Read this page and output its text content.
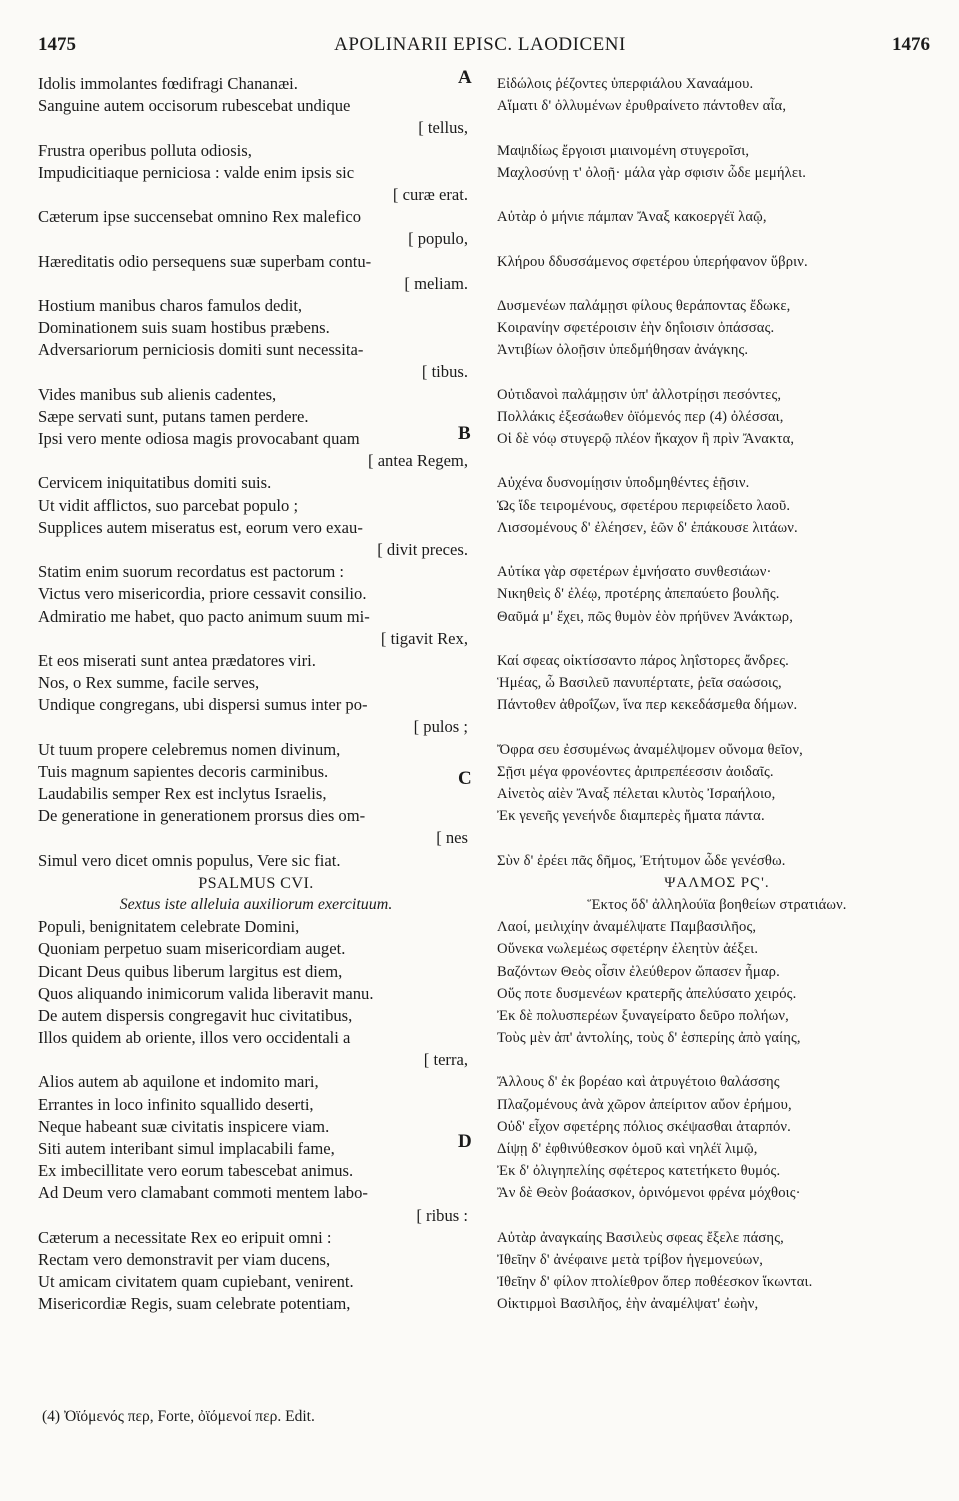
1475	APOLINARII EPISC. LAODICENI	1476
Idolis immolantes fœdifragi Chananæi.
Sanguine autem occisorum rubescebat undique
[ tellus,
Frustra operibus polluta odiosis,
Impudicitiaque perniciosa : valde enim ipsis sic
[ curæ erat.
Cæterum ipse succensebat omnino Rex malefico
[ populo,
Hæreditatis odio persequens suæ superbam contu-
[ meliam.
Hostium manibus charos famulos dedit,
Dominationem suis suam hostibus præbens.
Adversariorum perniciosis domiti sunt necessita-
[ tibus.
Vides manibus sub alienis cadentes,
Sæpe servati sunt, putans tamen perdere.
Ipsi vero mente odiosa magis provocabant quam
[ antea Regem,
Cervicem iniquitatibus domiti suis.
Ut vidit afflictos, suo parcebat populo ;
Supplices autem miseratus est, eorum vero exau-
[ divit preces.
Statim enim suorum recordatus est pactorum :
Victus vero misericordia, priore cessavit consilio.
Admiratio me habet, quo pacto animum suum mi-
[ tigavit Rex,
Et eos miserati sunt antea prædatores viri.
Nos, o Rex summe, facile serves,
Undique congregans, ubi dispersi sumus inter po-
[ pulos ;
Ut tuum propere celebremus nomen divinum,
Tuis magnum sapientes decoris carminibus.
Laudabilis semper Rex est inclytus Israelis,
De generatione in generationem prorsus dies om-
[ nes
Simul vero dicet omnis populus, Vere sic fiat.
PSALMUS CVI.
Sextus iste alleluia auxiliorum exercituum.
Populi, benignitatem celebrate Domini,
Quoniam perpetuo suam misericordiam auget.
Dicant Deus quibus liberum largitus est diem,
Quos aliquando inimicorum valida liberavit manu.
De autem dispersis congregavit huc civitatibus,
Illos quidem ab oriente, illos vero occidentali a
[ terra,
Alios autem ab aquilone et indomito mari,
Errantes in loco infinito squallido deserti,
Neque habeant suæ civitatis inspicere viam.
Siti autem interibant simul implacabili fame,
Ex imbecillitate vero eorum tabescebat animus.
Ad Deum vero clamabant commoti mentem labo-
[ ribus :
Cæterum a necessitate Rex eo eripuit omni :
Rectam vero demonstravit per viam ducens,
Ut amicam civitatem quam cupiebant, venirent.
Misericordiæ Regis, suam celebrate potentiam,
Εἰδώλοις ῥέζοντες ὑπερφιάλου Χαναάμου.
Αἵματι δ' ὀλλυμένων ἐρυθραίνετο πάντοθεν αἶα,
Μαψιδίως ἔργοισι μιαινομένη στυγεροῖσι,
Μαχλοσύνῃ τ' ὀλοῇ· μάλα γὰρ σφισιν ὧδε μεμήλει.
Αὐτὰρ ὁ μήνιε πάμπαν Ἄναξ κακοεργέϊ λαῷ,
Κλήρου δδυσσάμενος σφετέρου ὑπερήφανον ὕβριν.
Δυσμενέων παλάμῃσι φίλους θεράποντας ἔδωκε,
Κοιρανίην σφετέροισιν ἑὴν δηΐοισιν ὀπάσσας.
Ἀντιβίων ὀλοῇσιν ὑπεδμήθησαν ἀνάγκης.
Οὐτιδανοὶ παλάμῃσιν ὑπ' ἀλλοτρίῃσι πεσόντες,
Πολλάκις ἐξεσάωθεν ὀϊόμενός περ (4) ὀλέσσαι,
Οἱ δὲ νόῳ στυγερῷ πλέον ἤκαχον ἢ πρὶν Ἄνακτα,
Αὐχένα δυσνομίῃσιν ὑποδμηθέντες ἑῇσιν.
Ὡς ἴδε τειρομένους, σφετέρου περιφείδετο λαοῦ.
Λισσομένους δ' ἐλέησεν, ἑῶν δ' ἐπάκουσε λιτάων.
Αὐτίκα γὰρ σφετέρων ἐμνήσατο συνθεσιάων·
Νικηθεὶς δ' ἐλέῳ, προτέρης ἀπεπαύετο βουλῆς.
Θαῦμά μ' ἔχει, πῶς θυμὸν ἑὸν πρήϋνεν Ἀνάκτωρ,
Καί σφεας οἰκτίσσαντο πάρος ληΐστορες ἄνδρες.
Ἡμέας, ὦ Βασιλεῦ πανυπέρτατε, ῥεῖα σαώσοις,
Πάντοθεν ἀθροΐζων, ἵνα περ κεκεδάσμεθα δήμων.
Ὄφρα σευ ἐσσυμένως ἀναμέλψομεν οὔνομα θεῖον,
Σῇσι μέγα φρονέοντες ἀριπρεπέεσσιν ἀοιδαῖς.
Αἰνετὸς αἰὲν Ἄναξ πέλεται κλυτὸς Ἰσραήλοιο,
Ἐκ γενεῆς γενεήνδε διαμπερὲς ἤματα πάντα.
Σὺν δ' ἐρέει πᾶς δῆμος, Ἐτήτυμον ὧδε γενέσθω.
ΨΑΛΜΟΣ ΡϚ'.
Ἕκτος ὅδ' ἀλληλούϊα βοηθείων στρατιάων.
Λαοί, μειλιχίην ἀναμέλψατε Παμβασιλῆος,
Οὕνεκα νωλεμέως σφετέρην ἐλεητὺν ἀέξει.
Βαζόντων Θεὸς οἷσιν ἐλεύθερον ὤπασεν ἦμαρ.
Οὕς ποτε δυσμενέων κρατερῆς ἀπελύσατο χειρός.
Ἐκ δὲ πολυσπερέων ξυναγείρατο δεῦρο πολήων,
Τοὺς μὲν ἀπ' ἀντολίης, τοὺς δ' ἑσπερίης ἀπὸ γαίης,
Ἄλλους δ' ἐκ βορέαο καὶ ἀτρυγέτοιο θαλάσσης
Πλαζομένους ἀνὰ χῶρον ἀπείριτον αὔον ἐρήμου,
Οὐδ' εἶχον σφετέρης πόλιος σκέψασθαι ἀταρπόν.
Δίψῃ δ' ἐφθινύθεσκον ὁμοῦ καὶ νηλέϊ λιμῷ,
Ἐκ δ' ὀλιγηπελίης σφέτερος κατετήκετο θυμός.
Ἂν δὲ Θεὸν βοάασκον, ὀρινόμενοι φρένα μόχθοις·
Αὐτὰρ ἀναγκαίης Βασιλεὺς σφεας ἔξελε πάσης,
Ἰθεῖην δ' ἀνέφαινε μετὰ τρίβον ἡγεμονεύων,
Ἰθεῖην δ' φίλον πτολίεθρον ὅπερ ποθέεσκον ἵκωνται.
Οἰκτιρμοὶ Βασιλῆος, ἑὴν ἀναμέλψατ' ἐωὴν,
A
B
C
D
(4) Ὀϊόμενός περ, Forte, ὀϊόμενοί περ. Edit.
